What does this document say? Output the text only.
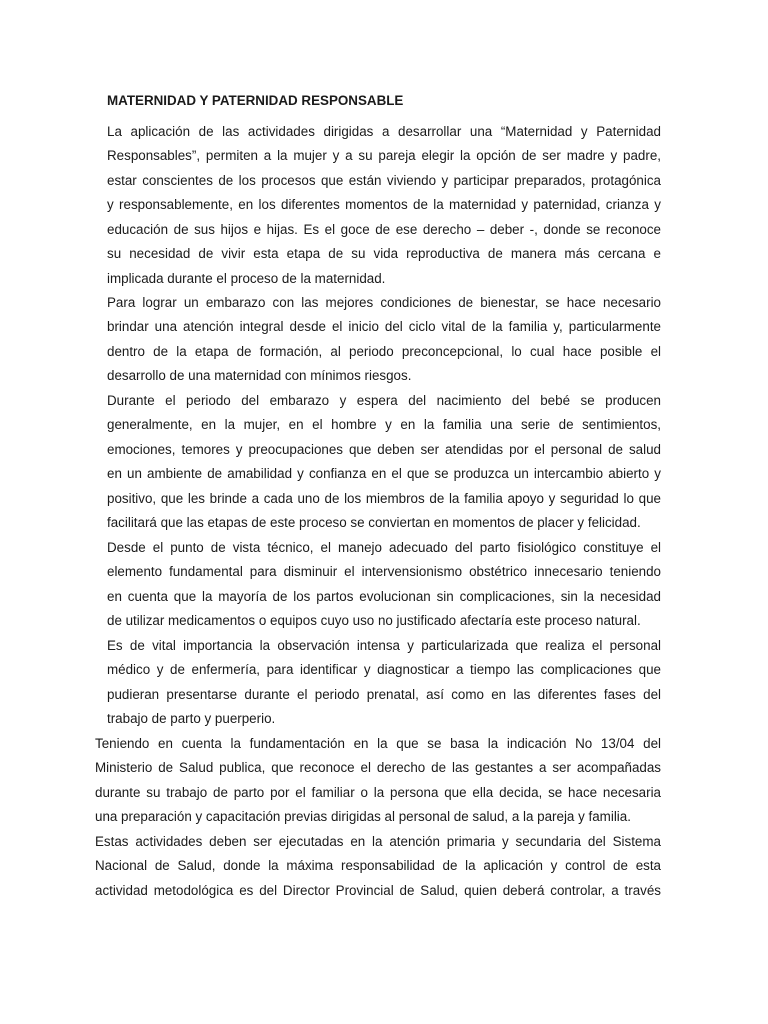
MATERNIDAD Y PATERNIDAD RESPONSABLE

La aplicación de las actividades dirigidas a desarrollar una “Maternidad y Paternidad
Responsables”, permiten a la mujer y a su pareja elegir la opción de ser madre y padre,
estar conscientes de los procesos que están viviendo y participar preparados, protagónica
y responsablemente, en los diferentes momentos de la maternidad y paternidad, crianza y
educación de sus hijos e hijas. Es el goce de ese derecho – deber -, donde se reconoce
su necesidad de vivir esta etapa de su vida reproductiva de manera más cercana e
implicada durante el proceso de la maternidad.

Para lograr un embarazo con las mejores condiciones de bienestar, se hace necesario
brindar una atención integral desde el inicio del ciclo vital de la familia y, particularmente
dentro de la etapa de formación, al periodo preconcepcional, lo cual hace posible el
desarrollo de una maternidad con mínimos riesgos.

Durante el periodo del embarazo y espera del nacimiento del bebé se producen
generalmente, en la mujer, en el hombre y en la familia una serie de sentimientos,
emociones, temores y preocupaciones que deben ser atendidas por el personal de salud
en un ambiente de amabilidad y confianza en el que se produzca un intercambio abierto y
positivo, que les brinde a cada uno de los miembros de la familia apoyo y seguridad lo que
facilitará que las etapas de este proceso se conviertan en momentos de placer y felicidad.

Desde el punto de vista técnico, el manejo adecuado del parto fisiológico constituye el
elemento fundamental para disminuir el intervensionismo obstétrico innecesario teniendo
en cuenta que la mayoría de los partos evolucionan sin complicaciones, sin la necesidad
de utilizar medicamentos o equipos cuyo uso no justificado afectaría este proceso natural.

Es de vital importancia la observación intensa y particularizada que realiza el personal
médico y de enfermería, para identificar y diagnosticar a tiempo las complicaciones que
pudieran presentarse durante el periodo prenatal, así como en las diferentes fases del
trabajo de parto y puerperio.

Teniendo en cuenta la fundamentación en la que se basa la indicación No 13/04 del
Ministerio de Salud publica, que reconoce el derecho de las gestantes a ser acompañadas
durante su trabajo de parto por el familiar o la persona que ella decida, se hace necesaria
una preparación y capacitación previas dirigidas al personal de salud, a la pareja y familia.

Estas actividades deben ser ejecutadas en la atención primaria y secundaria del Sistema
Nacional de Salud, donde la máxima responsabilidad de la aplicación y control de esta
actividad metodológica es del Director Provincial de Salud, quien deberá controlar, a través
